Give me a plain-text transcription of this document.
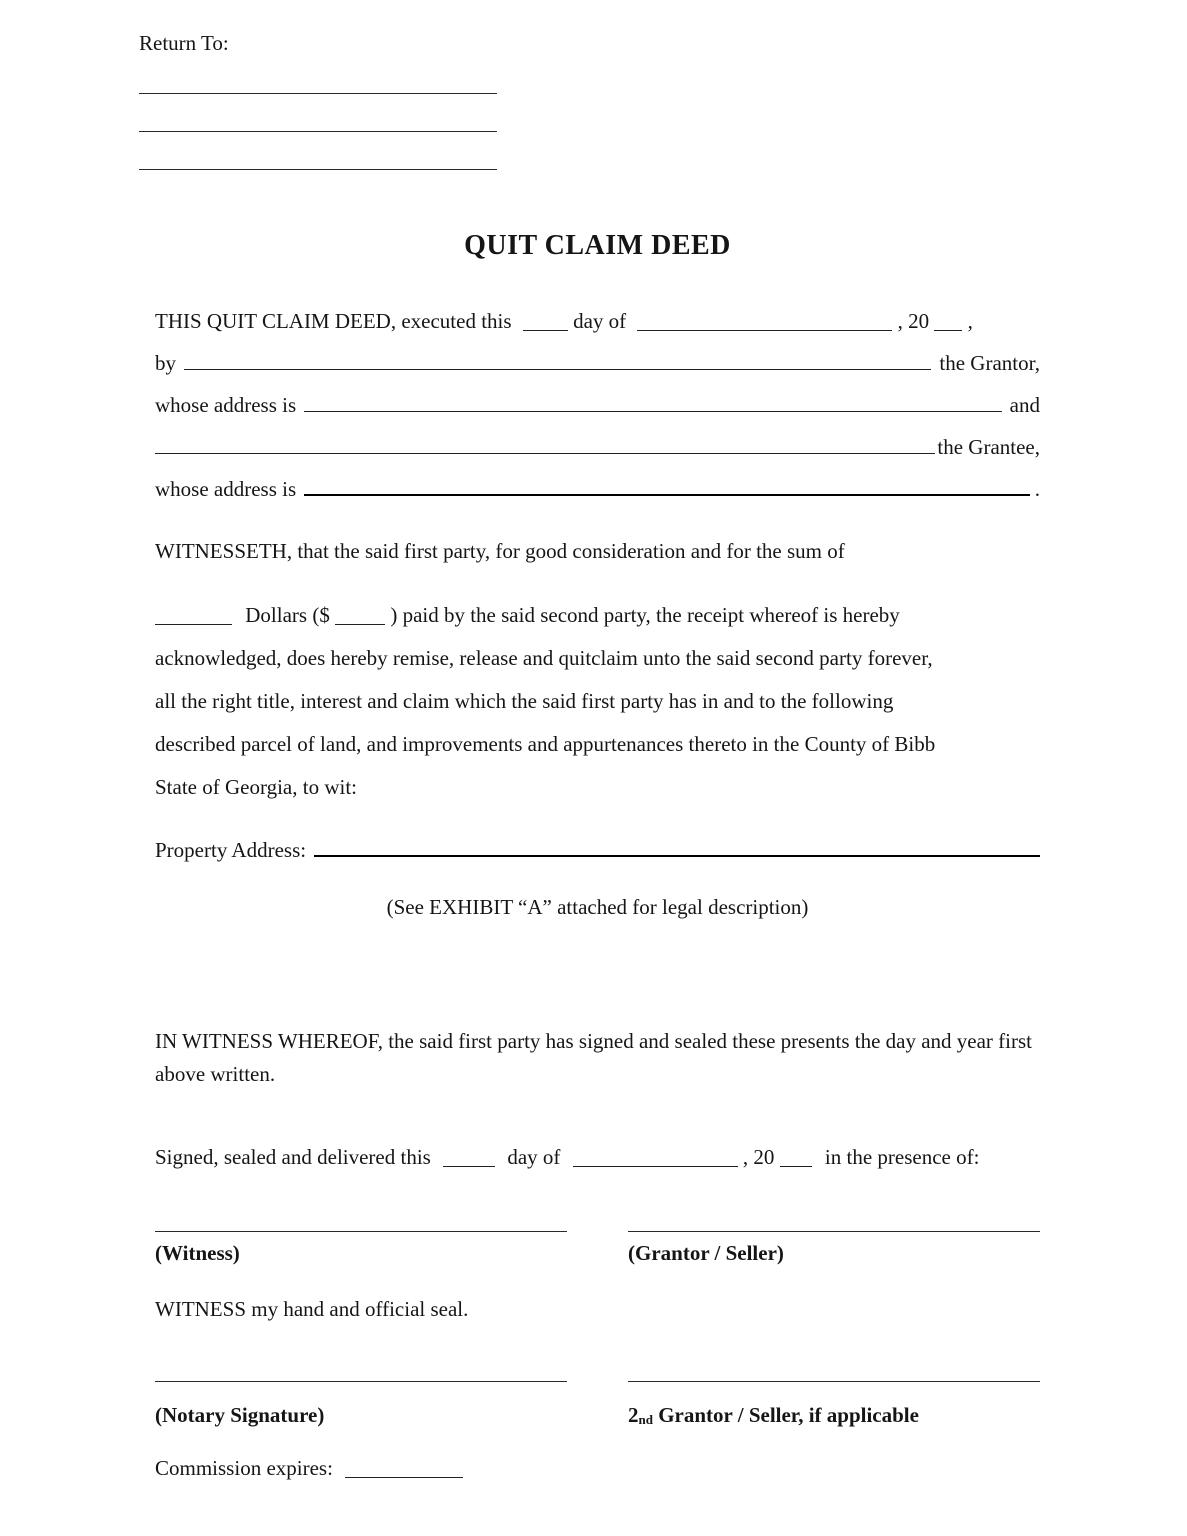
Return To:
QUIT CLAIM DEED
THIS QUIT CLAIM DEED, executed this	day of	, 20 ,
by	the Grantor,
whose address is	and
the Grantee,
whose address is	.
WITNESSETH, that the said first party, for good consideration and for the sum of
Dollars ($	) paid by the said second party, the receipt whereof is hereby
acknowledged, does hereby remise, release and quitclaim unto the said second party forever,
all the right title, interest and claim which the said first party has in and to the following
described parcel of land, and improvements and appurtenances thereto in the County of Bibb
State of Georgia, to wit:
Property Address:
(See EXHIBIT “A” attached for legal description)
IN WITNESS WHEREOF, the said first party has signed and sealed these presents the day and year first above written.
Signed, sealed and delivered this	day of	, 20 in the presence of:
(Witness)	(Grantor / Seller)
WITNESS my hand and official seal.
(Notary Signature)	$2_{nd}$ Grantor / Seller, if applicable
Commission expires:
